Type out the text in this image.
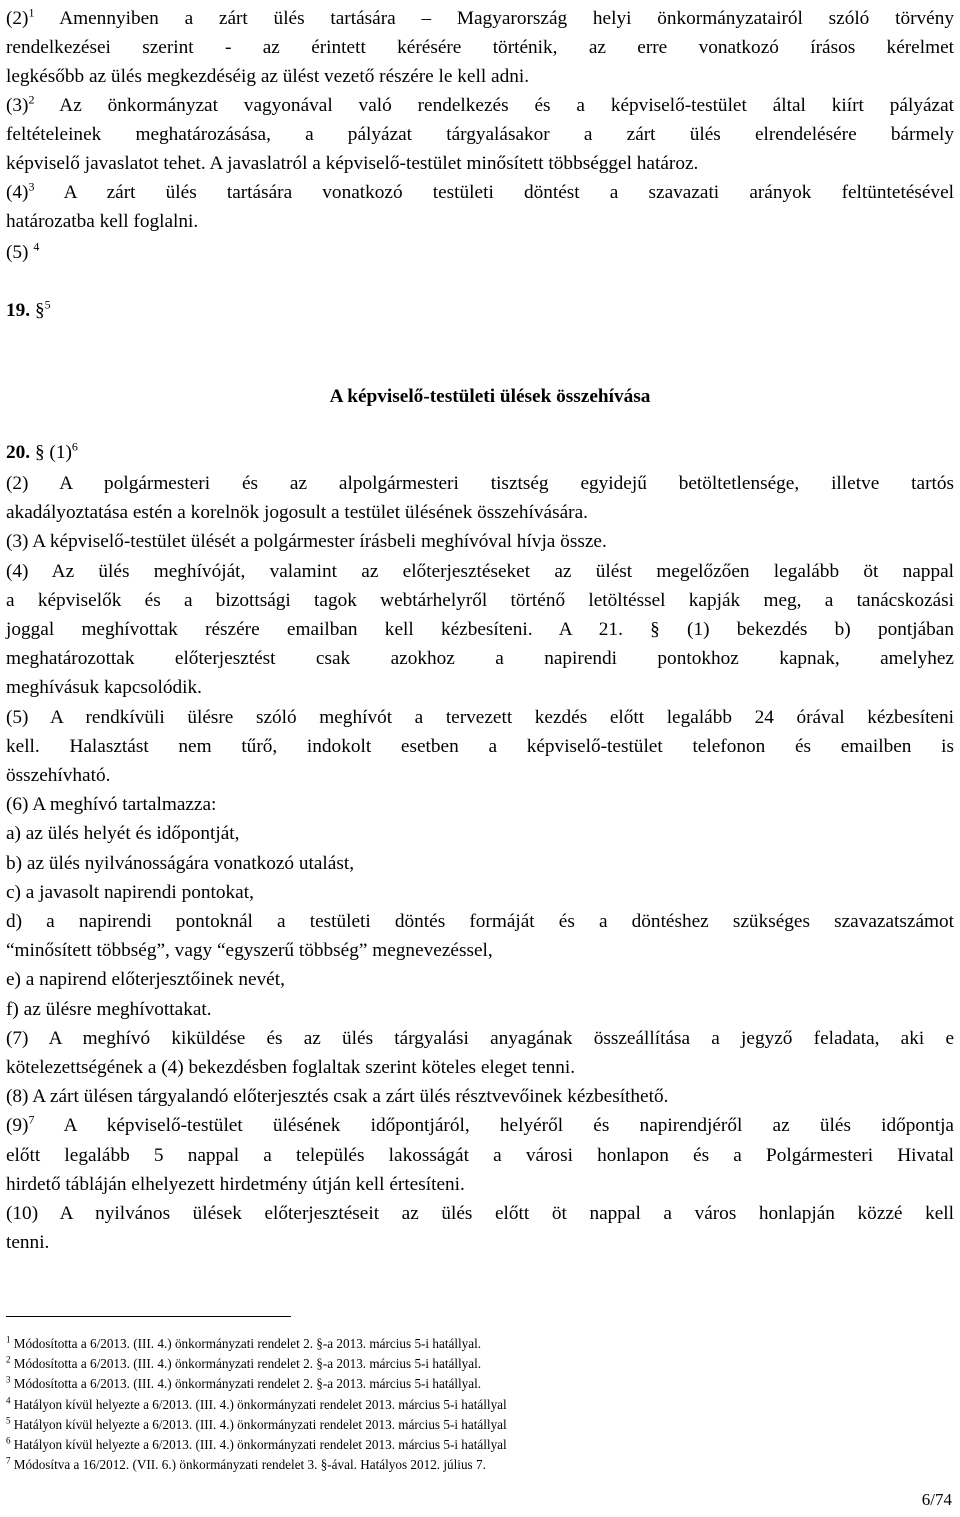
$(2)^1$ Amennyiben a zárt ülés tartására – Magyarország helyi önkormányzatairól szóló törvény
rendelkezései szerint - az érintett kérésére történik, az erre vonatkozó írásos kérelmet
legkésőbb az ülés megkezdéséig az ülést vezető részére le kell adni.
$(3)^2$ Az önkormányzat vagyonával való rendelkezés és a képviselő-testület által kiírt pályázat
feltételeinek meghatározásása, a pályázat tárgyalásakor a zárt ülés elrendelésére bármely
képviselő javaslatot tehet. A javaslatról a képviselő-testület minősített többséggel határoz.
$(4)^3$ A zárt ülés tartására vonatkozó testületi döntést a szavazati arányok feltüntetésével
határozatba kell foglalni.
(5) $^4$
19. §$^5$
A képviselő-testületi ülések összehívása
20. § $(1)^6$
(2) A polgármesteri és az alpolgármesteri tisztség egyidejű betöltetlensége, illetve tartós
akadályoztatása estén a korelnök jogosult a testület ülésének összehívására.
(3) A képviselő-testület ülését a polgármester írásbeli meghívóval hívja össze.
(4) Az ülés meghívóját, valamint az előterjesztéseket az ülést megelőzően legalább öt nappal
a képviselők és a bizottsági tagok webtárhelyről történő letöltéssel kapják meg, a tanácskozási
joggal meghívottak részére emailban kell kézbesíteni. A 21. § (1) bekezdés b) pontjában
meghatározottak előterjesztést csak azokhoz a napirendi pontokhoz kapnak, amelyhez
meghívásuk kapcsolódik.
(5) A rendkívüli ülésre szóló meghívót a tervezett kezdés előtt legalább 24 órával kézbesíteni
kell. Halasztást nem tűrő, indokolt esetben a képviselő-testület telefonon és emailben is
összehívható.
(6) A meghívó tartalmazza:
a) az ülés helyét és időpontját,
b) az ülés nyilvánosságára vonatkozó utalást,
c) a javasolt napirendi pontokat,
d) a napirendi pontoknál a testületi döntés formáját és a döntéshez szükséges szavazatszámot
“minősített többség”, vagy “egyszerű többség” megnevezéssel,
e) a napirend előterjesztőinek nevét,
f) az ülésre meghívottakat.
(7) A meghívó kiküldése és az ülés tárgyalási anyagának összeállítása a jegyző feladata, aki e
kötelezettségének a (4) bekezdésben foglaltak szerint köteles eleget tenni.
(8) A zárt ülésen tárgyalandó előterjesztés csak a zárt ülés résztvevőinek kézbesíthető.
$(9)^7$ A képviselő-testület ülésének időpontjáról, helyéről és napirendjéről az ülés időpontja
előtt legalább 5 nappal a település lakosságát a városi honlapon és a Polgármesteri Hivatal
hirdető tábláján elhelyezett hirdetmény útján kell értesíteni.
(10) A nyilvános ülések előterjesztéseit az ülés előtt öt nappal a város honlapján közzé kell
tenni.
$^1$ Módosította a 6/2013. (III. 4.) önkormányzati rendelet 2. §-a 2013. március 5-i hatállyal.
$^2$ Módosította a 6/2013. (III. 4.) önkormányzati rendelet 2. §-a 2013. március 5-i hatállyal.
$^3$ Módosította a 6/2013. (III. 4.) önkormányzati rendelet 2. §-a 2013. március 5-i hatállyal.
$^4$ Hatályon kívül helyezte a 6/2013. (III. 4.) önkormányzati rendelet 2013. március 5-i hatállyal
$^5$ Hatályon kívül helyezte a 6/2013. (III. 4.) önkormányzati rendelet 2013. március 5-i hatállyal
$^6$ Hatályon kívül helyezte a 6/2013. (III. 4.) önkormányzati rendelet 2013. március 5-i hatállyal
$^7$ Módosítva a 16/2012. (VII. 6.) önkormányzati rendelet 3. §-ával. Hatályos 2012. július 7.
6/74
